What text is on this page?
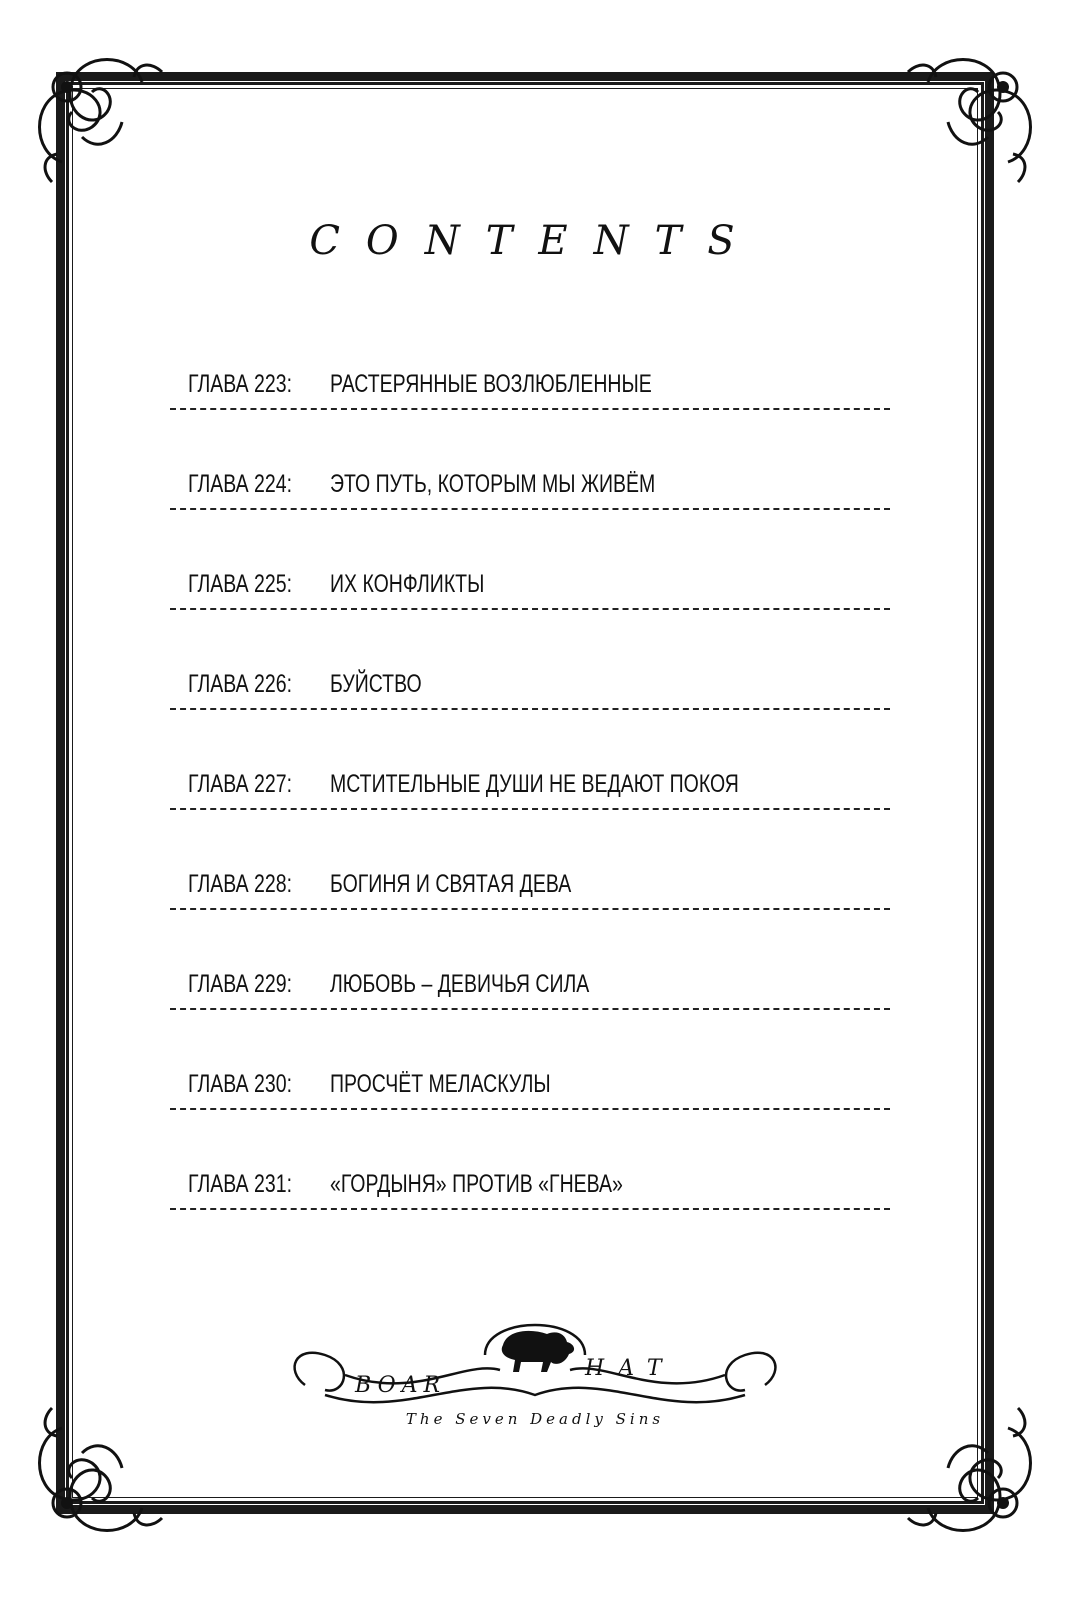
CONTENTS
ГЛАВА 223: РАСТЕРЯННЫЕ ВОЗЛЮБЛЕННЫЕ
ГЛАВА 224: ЭТО ПУТЬ, КОТОРЫМ МЫ ЖИВЁМ
ГЛАВА 225: ИХ КОНФЛИКТЫ
ГЛАВА 226: БУЙСТВО
ГЛАВА 227: МСТИТЕЛЬНЫЕ ДУШИ НЕ ВЕДАЮТ ПОКОЯ
ГЛАВА 228: БОГИНЯ И СВЯТАЯ ДЕВА
ГЛАВА 229: ЛЮБОВЬ – ДЕВИЧЬЯ СИЛА
ГЛАВА 230: ПРОСЧЁТ МЕЛАСКУЛЫ
ГЛАВА 231: «ГОРДЫНЯ» ПРОТИВ «ГНЕВА»
BOAR
HAT
The Seven Deadly Sins
